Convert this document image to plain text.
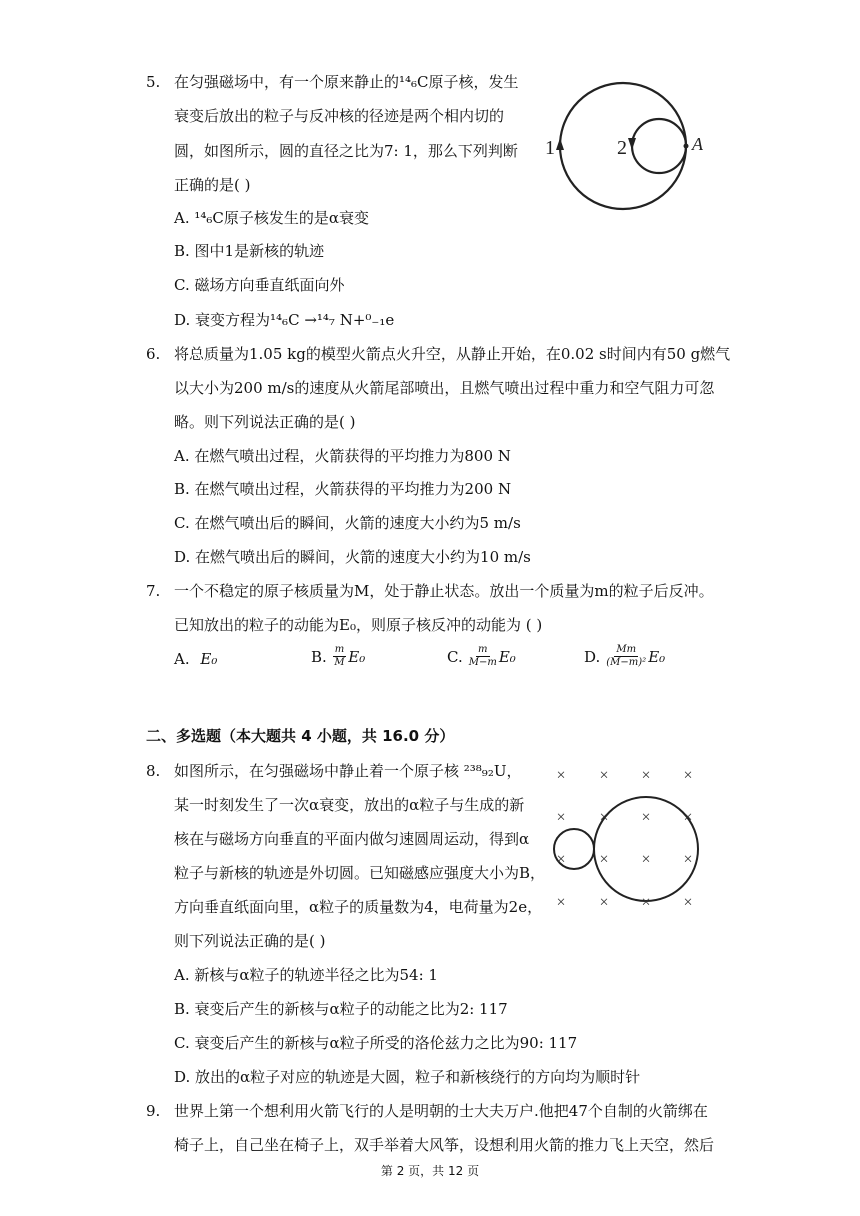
5. 在匀强磁场中，有一个原来静止的¹⁴₆C原子核，发生
衰变后放出的粒子与反冲核的径迹是两个相内切的
圆，如图所示，圆的直径之比为7: 1，那么下列判断
正确的是( )
A. ¹⁴₆C原子核发生的是α衰变
B. 图中1是新核的轨迹
C. 磁场方向垂直纸面向外
D. 衰变方程为¹⁴₆C →¹⁴₇ N+⁰₋₁e
1	2	A
6. 将总质量为1.05 kg的模型火箭点火升空，从静止开始，在0.02 s时间内有50 g燃气
以大小为200 m/s的速度从火箭尾部喷出，且燃气喷出过程中重力和空气阻力可忽
略。则下列说法正确的是( )
A. 在燃气喷出过程，火箭获得的平均推力为800 N
B. 在燃气喷出过程，火箭获得的平均推力为200 N
C. 在燃气喷出后的瞬间，火箭的速度大小约为5 m/s
D. 在燃气喷出后的瞬间，火箭的速度大小约为10 m/s
7. 一个不稳定的原子核质量为M，处于静止状态。放出一个质量为m的粒子后反冲。
已知放出的粒子的动能为E₀，则原子核反冲的动能为 ( )
A. E₀	B. $\frac{m}{M} E_0$	C. $\frac{m}{M-m} E_0$	D. $\frac{Mm}{\text{(M−m)²}} E_0$
二、多选题（本大题共 4 小题，共 16.0 分）
8. 如图所示，在匀强磁场中静止着一个原子核 ²³⁸₉₂U，
某一时刻发生了一次α衰变，放出的α粒子与生成的新
核在与磁场方向垂直的平面内做匀速圆周运动，得到α
粒子与新核的轨迹是外切圆。已知磁感应强度大小为B，
方向垂直纸面向里，α粒子的质量数为4，电荷量为2e，
则下列说法正确的是( )
A. 新核与α粒子的轨迹半径之比为54: 1
B. 衰变后产生的新核与α粒子的动能之比为2: 117
C. 衰变后产生的新核与α粒子所受的洛伦兹力之比为90: 117
D. 放出的α粒子对应的轨迹是大圆，粒子和新核绕行的方向均为顺时针
× × × ×
× × × ×
× × × ×
× × × ×
9. 世界上第一个想利用火箭飞行的人是明朝的士大夫万户.他把47个自制的火箭绑在
椅子上，自己坐在椅子上，双手举着大风筝，设想利用火箭的推力飞上天空，然后
第 2 页，共 12 页
